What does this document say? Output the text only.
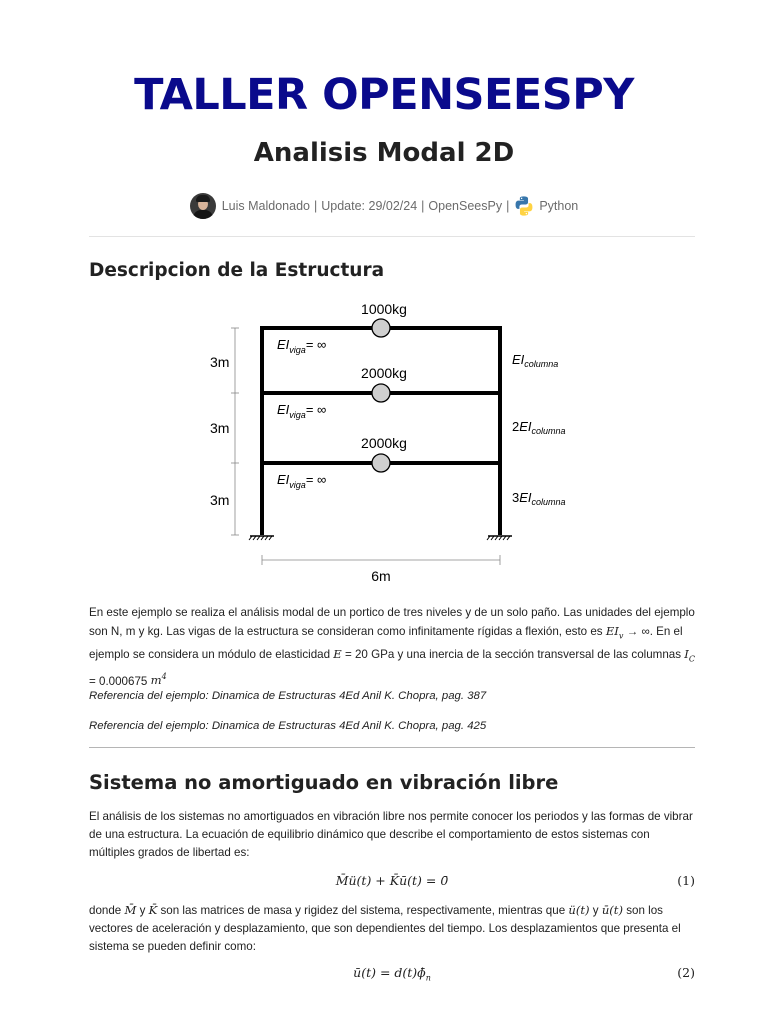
TALLER OPENSEESPY
Analisis Modal 2D
Luis Maldonado | Update: 29/02/24 | OpenSeesPy | Python
Descripcion de la Estructura
1000kg
2000kg
2000kg
$EI_{viga}=$ ∞
$EI_{viga}=$ ∞
$EI_{viga}=$ ∞
$EI_{columna}$
$2EI_{columna}$
$3EI_{columna}$
3m
3m
3m
6m
En este ejemplo se realiza el análisis modal de un portico de tres niveles y de un solo paño. Las unidades del ejemplo son N, m y kg. Las vigas de la estructura se consideran como infinitamente rígidas a flexión, esto es $EI_v$ → ∞. En el ejemplo se considera un módulo de elasticidad E = 20 GPa y una inercia de la sección transversal de las columnas $I_C = 0.000675$ $m^4$
Referencia del ejemplo: Dinamica de Estructuras 4Ed Anil K. Chopra, pag. 387
Referencia del ejemplo: Dinamica de Estructuras 4Ed Anil K. Chopra, pag. 425
Sistema no amortiguado en vibración libre
El análisis de los sistemas no amortiguados en vibración libre nos permite conocer los periodos y las formas de vibrar de una estructura. La ecuación de equilibrio dinámico que describe el comportamiento de estos sistemas con múltiples grados de libertad es:
M̄ü(t) + K̄ū(t) = 0̄	(1)
donde M̄ y K̄ son las matrices de masa y rigidez del sistema, respectivamente, mientras que ü(t) y ū(t) son los vectores de aceleración y desplazamiento, que son dependientes del tiempo. Los desplazamientos que presenta el sistema se pueden definir como:
ū(t) = $d(t)\phī_n$	(2)
